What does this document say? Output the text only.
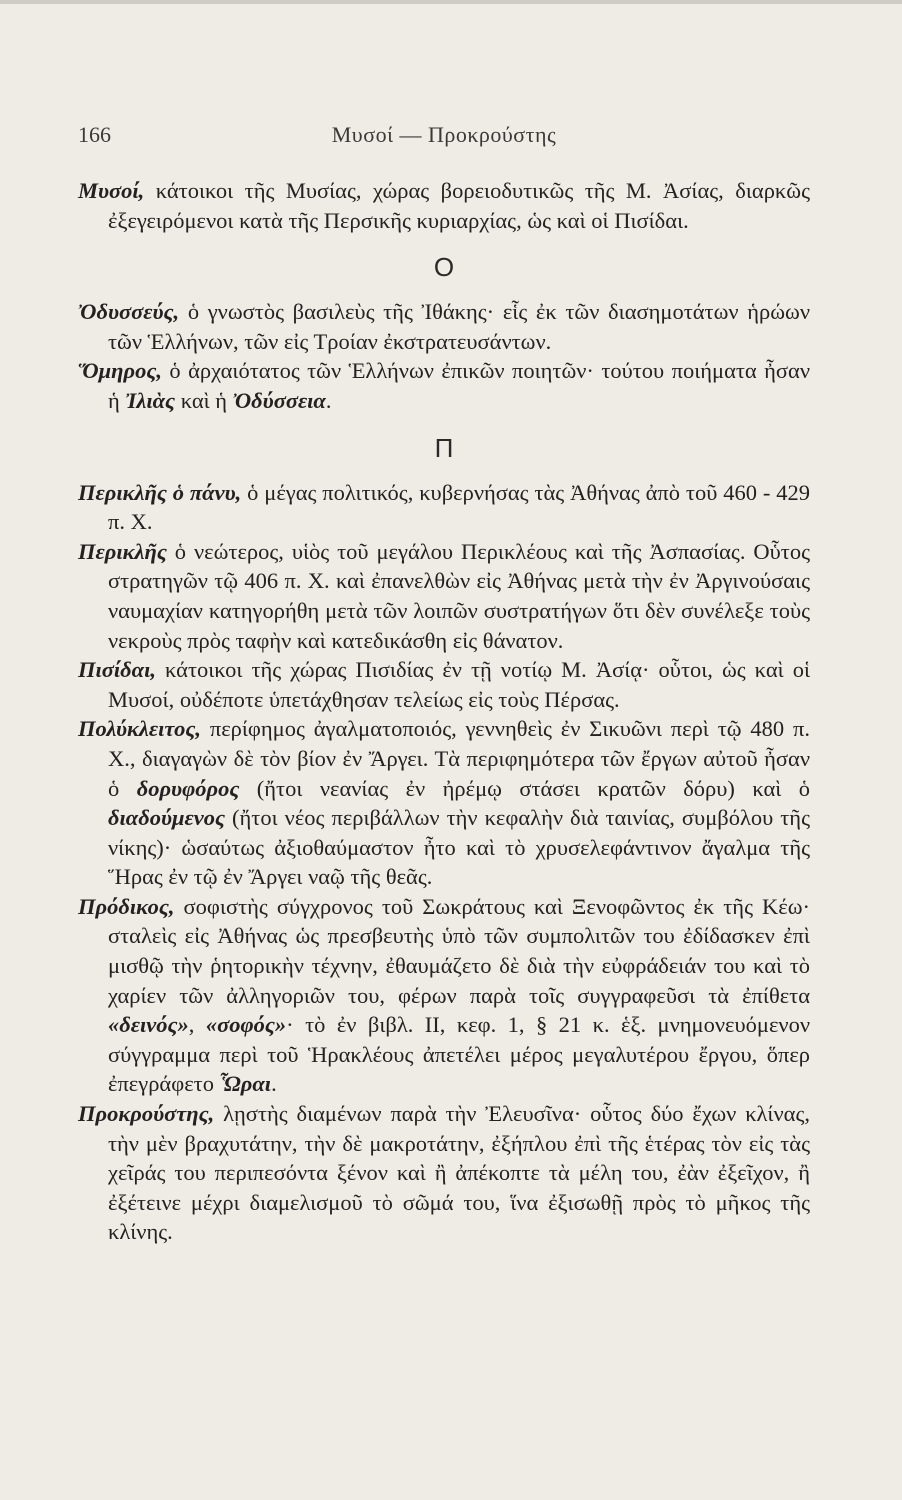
166	Μυσοί — Προκρούστης

Μυσοί, κάτοικοι τῆς Μυσίας, χώρας βορειοδυτικῶς τῆς Μ. Ἀσίας, διαρκῶς ἐξεγειρόμενοι κατὰ τῆς Περσικῆς κυριαρχίας, ὡς καὶ οἱ Πισίδαι.

Ο

Ὀδυσσεύς, ὁ γνωστὸς βασιλεὺς τῆς Ἰθάκης· εἷς ἐκ τῶν διασημοτάτων ἡρώων τῶν Ἑλλήνων, τῶν εἰς Τροίαν ἐκστρατευσάντων.

Ὅμηρος, ὁ ἀρχαιότατος τῶν Ἑλλήνων ἐπικῶν ποιητῶν· τούτου ποιήματα ἦσαν ἡ Ἰλιὰς καὶ ἡ Ὀδύσσεια.

Π

Περικλῆς ὁ πάνυ, ὁ μέγας πολιτικός, κυβερνήσας τὰς Ἀθήνας ἀπὸ τοῦ 460 - 429 π. Χ.

Περικλῆς ὁ νεώτερος, υἱὸς τοῦ μεγάλου Περικλέους καὶ τῆς Ἀσπασίας. Οὗτος στρατηγῶν τῷ 406 π. Χ. καὶ ἐπανελθὼν εἰς Ἀθήνας μετὰ τὴν ἐν Ἀργινούσαις ναυμαχίαν κατηγορήθη μετὰ τῶν λοιπῶν συστρατήγων ὅτι δὲν συνέλεξε τοὺς νεκροὺς πρὸς ταφὴν καὶ κατεδικάσθη εἰς θάνατον.

Πισίδαι, κάτοικοι τῆς χώρας Πισιδίας ἐν τῇ νοτίῳ Μ. Ἀσίᾳ· οὗτοι, ὡς καὶ οἱ Μυσοί, οὐδέποτε ὑπετάχθησαν τελείως εἰς τοὺς Πέρσας.

Πολύκλειτος, περίφημος ἀγαλματοποιός, γεννηθεὶς ἐν Σικυῶνι περὶ τῷ 480 π. Χ., διαγαγὼν δὲ τὸν βίον ἐν Ἄργει. Τὰ περιφημότερα τῶν ἔργων αὐτοῦ ἦσαν ὁ δορυφόρος (ἤτοι νεανίας ἐν ἠρέμῳ στάσει κρατῶν δόρυ) καὶ ὁ διαδούμενος (ἤτοι νέος περιβάλλων τὴν κεφαλὴν διὰ ταινίας, συμβόλου τῆς νίκης)· ὡσαύτως ἀξιοθαύμαστον ἦτο καὶ τὸ χρυσελεφάντινον ἄγαλμα τῆς Ἥρας ἐν τῷ ἐν Ἄργει ναῷ τῆς θεᾶς.

Πρόδικος, σοφιστὴς σύγχρονος τοῦ Σωκράτους καὶ Ξενοφῶντος ἐκ τῆς Κέω· σταλεὶς εἰς Ἀθήνας ὡς πρεσβευτὴς ὑπὸ τῶν συμπολιτῶν του ἐδίδασκεν ἐπὶ μισθῷ τὴν ῥητορικὴν τέχνην, ἐθαυμάζετο δὲ διὰ τὴν εὐφράδειάν του καὶ τὸ χαρίεν τῶν ἀλληγοριῶν του, φέρων παρὰ τοῖς συγγραφεῦσι τὰ ἐπίθετα «δεινός», «σοφός»· τὸ ἐν βιβλ. II, κεφ. 1, § 21 κ. ἑξ. μνημονευόμενον σύγγραμμα περὶ τοῦ Ἡρακλέους ἀπετέλει μέρος μεγαλυτέρου ἔργου, ὅπερ ἐπεγράφετο Ὧραι.

Προκρούστης, λῃστὴς διαμένων παρὰ τὴν Ἐλευσῖνα· οὗτος δύο ἔχων κλίνας, τὴν μὲν βραχυτάτην, τὴν δὲ μακροτάτην, ἐξήπλου ἐπὶ τῆς ἑτέρας τὸν εἰς τὰς χεῖράς του περιπεσόντα ξένον καὶ ἢ ἀπέκοπτε τὰ μέλη του, ἐὰν ἐξεῖχον, ἢ ἐξέτεινε μέχρι διαμελισμοῦ τὸ σῶμά του, ἵνα ἐξισωθῇ πρὸς τὸ μῆκος τῆς κλίνης.
